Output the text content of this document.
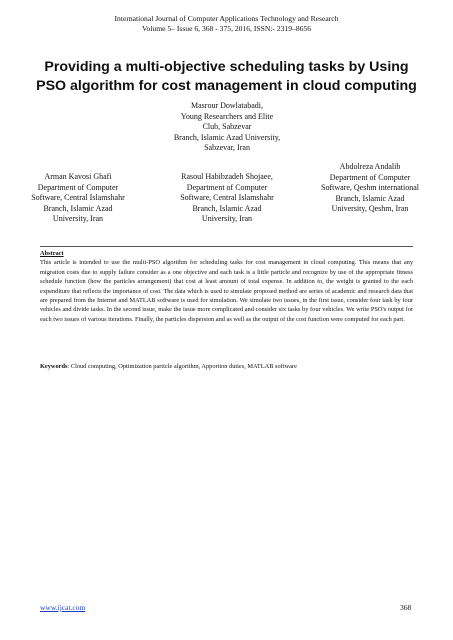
International Journal of Computer Applications Technology and Research
Volume 5– Issue 6, 368 - 375, 2016, ISSN:- 2319–8656
Providing a multi-objective scheduling tasks by Using
PSO algorithm for cost management in cloud computing
Masrour Dowlatabadi,
Young Researchers and Elite
Club, Sabzevar
Branch, Islamic Azad University,
Sabzevar, Iran
Arman Kavosi Ghafi
Department of Computer
Software, Central Islamshahr
Branch, Islamic Azad
University, Iran
Rasoul Habibzadeh Shojaee,
Department of Computer
Software, Central Islamshahr
Branch, Islamic Azad
University, Iran
Abdolreza Andalib
Department of Computer
Software, Qeshm international
Branch, Islamic Azad
University, Qeshm, Iran
Abstract
This article is intended to use the multi-PSO algorithm for scheduling tasks for cost management in cloud computing. This means that any migration costs due to supply failure consider as a one objective and each task is a little particle and recognize by use of the appropriate fitness schedule function (how the particles arrangement) that cost at least amount of total expense. In addition to, the weight is granted to the each expenditure that reflects the importance of cost. The data which is used to simulate proposed method are series of academic and research data that are prepared from the Internet and MATLAB software is used for simulation. We simulate two issues, in the first issue, consider four task by four vehicles and divide tasks. In the second issue, make the issue more complicated and consider six tasks by four vehicles. We write PSO's output for each two issues of various iterations. Finally, the particles dispersion and as well as the output of the cost function were computed for each part.
Keywords: Cloud computing, Optimization particle algorithm, Apportion duties, MATLAB software
www.ijcat.com	368
